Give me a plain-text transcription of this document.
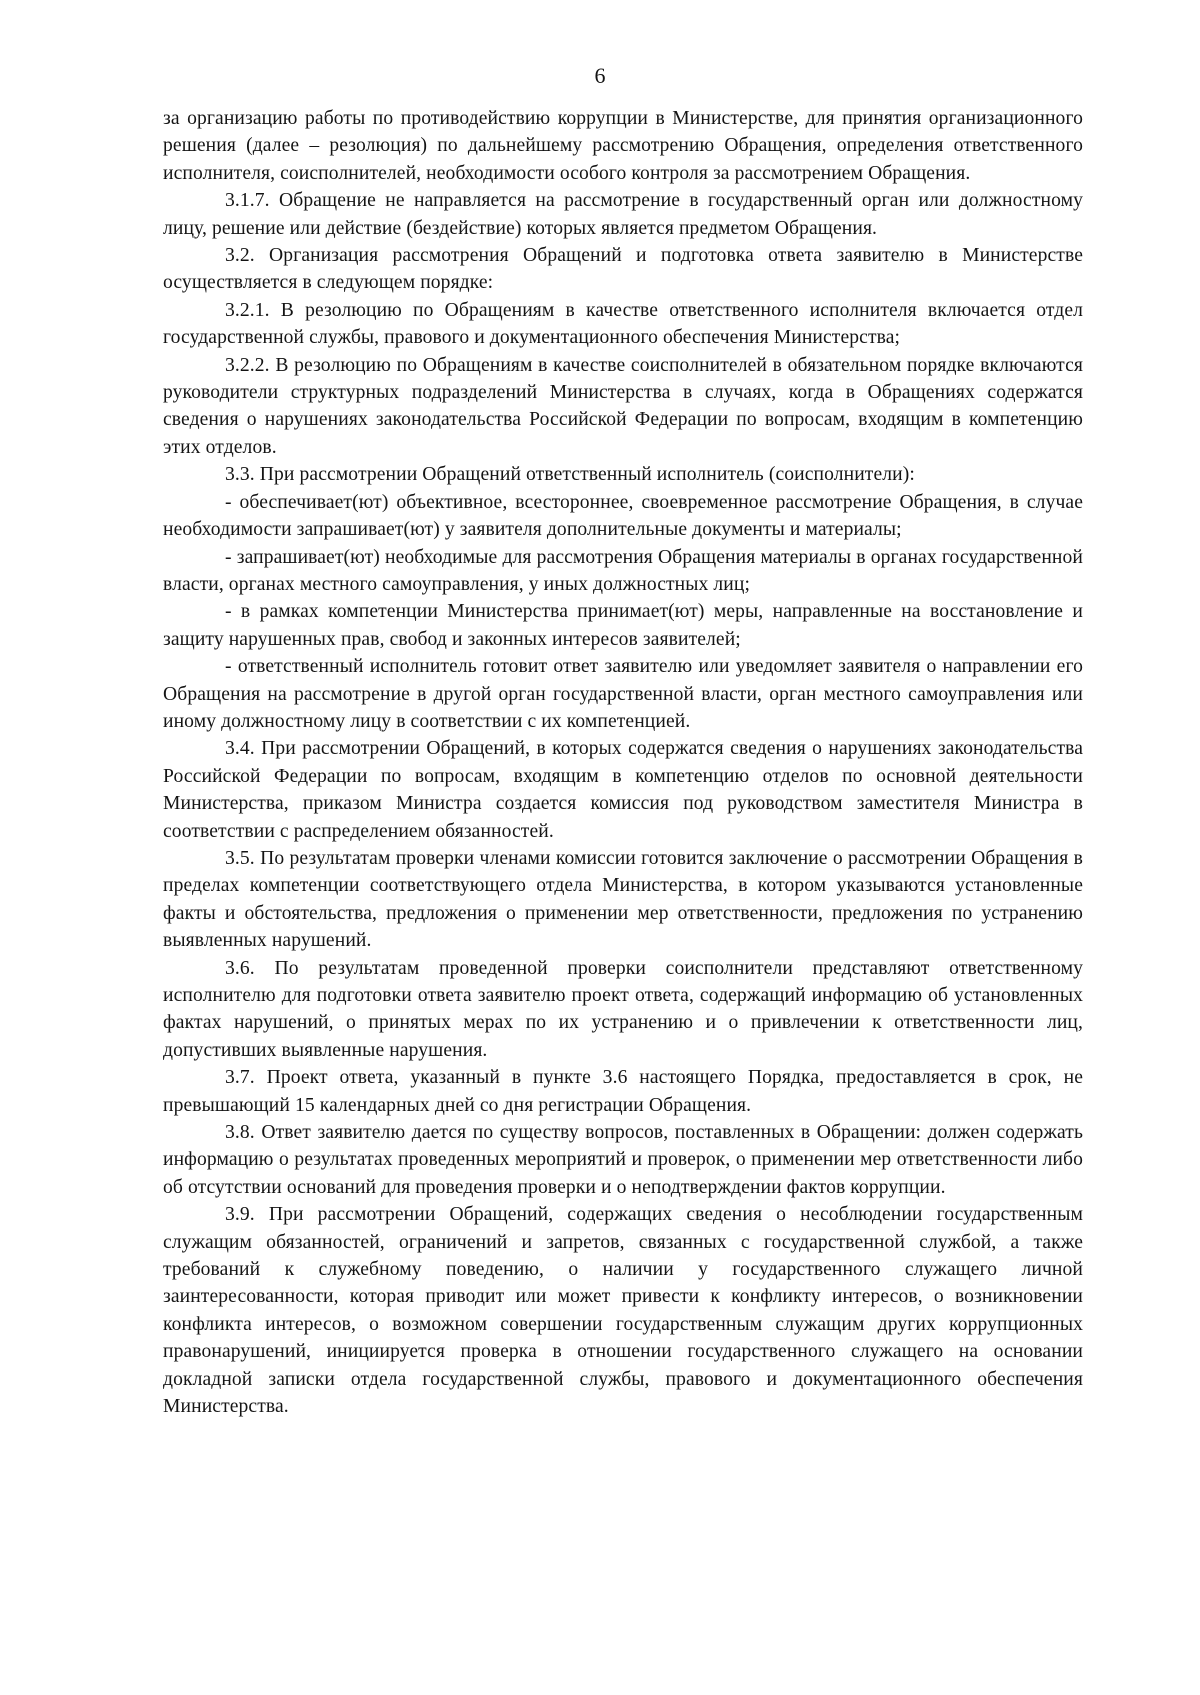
6

за организацию работы по противодействию коррупции в Министерстве, для принятия организационного решения (далее – резолюция) по дальнейшему рассмотрению Обращения, определения ответственного исполнителя, соисполнителей, необходимости особого контроля за рассмотрением Обращения.

3.1.7. Обращение не направляется на рассмотрение в государственный орган или должностному лицу, решение или действие (бездействие) которых является предметом Обращения.

3.2. Организация рассмотрения Обращений и подготовка ответа заявителю в Министерстве осуществляется в следующем порядке:

3.2.1. В резолюцию по Обращениям в качестве ответственного исполнителя включается отдел государственной службы, правового и документационного обеспечения Министерства;

3.2.2. В резолюцию по Обращениям в качестве соисполнителей в обязательном порядке включаются руководители структурных подразделений Министерства в случаях, когда в Обращениях содержатся сведения о нарушениях законодательства Российской Федерации по вопросам, входящим в компетенцию этих отделов.

3.3. При рассмотрении Обращений ответственный исполнитель (соисполнители):

- обеспечивает(ют) объективное, всестороннее, своевременное рассмотрение Обращения, в случае необходимости запрашивает(ют) у заявителя дополнительные документы и материалы;

- запрашивает(ют) необходимые для рассмотрения Обращения материалы в органах государственной власти, органах местного самоуправления, у иных должностных лиц;

- в рамках компетенции Министерства принимает(ют) меры, направленные на восстановление и защиту нарушенных прав, свобод и законных интересов заявителей;

- ответственный исполнитель готовит ответ заявителю или уведомляет заявителя о направлении его Обращения на рассмотрение в другой орган государственной власти, орган местного самоуправления или иному должностному лицу в соответствии с их компетенцией.

3.4. При рассмотрении Обращений, в которых содержатся сведения о нарушениях законодательства Российской Федерации по вопросам, входящим в компетенцию отделов по основной деятельности Министерства, приказом Министра создается комиссия под руководством заместителя Министра в соответствии с распределением обязанностей.

3.5. По результатам проверки членами комиссии готовится заключение о рассмотрении Обращения в пределах компетенции соответствующего отдела Министерства, в котором указываются установленные факты и обстоятельства, предложения о применении мер ответственности, предложения по устранению выявленных нарушений.

3.6. По результатам проведенной проверки соисполнители представляют ответственному исполнителю для подготовки ответа заявителю проект ответа, содержащий информацию об установленных фактах нарушений, о принятых мерах по их устранению и о привлечении к ответственности лиц, допустивших выявленные нарушения.

3.7. Проект ответа, указанный в пункте 3.6 настоящего Порядка, предоставляется в срок, не превышающий 15 календарных дней со дня регистрации Обращения.

3.8. Ответ заявителю дается по существу вопросов, поставленных в Обращении: должен содержать информацию о результатах проведенных мероприятий и проверок, о применении мер ответственности либо об отсутствии оснований для проведения проверки и о неподтверждении фактов коррупции.

3.9. При рассмотрении Обращений, содержащих сведения о несоблюдении государственным служащим обязанностей, ограничений и запретов, связанных с государственной службой, а также требований к служебному поведению, о наличии у государственного служащего личной заинтересованности, которая приводит или может привести к конфликту интересов, о возникновении конфликта интересов, о возможном совершении государственным служащим других коррупционных правонарушений, инициируется проверка в отношении государственного служащего на основании докладной записки отдела государственной службы, правового и документационного обеспечения Министерства.
